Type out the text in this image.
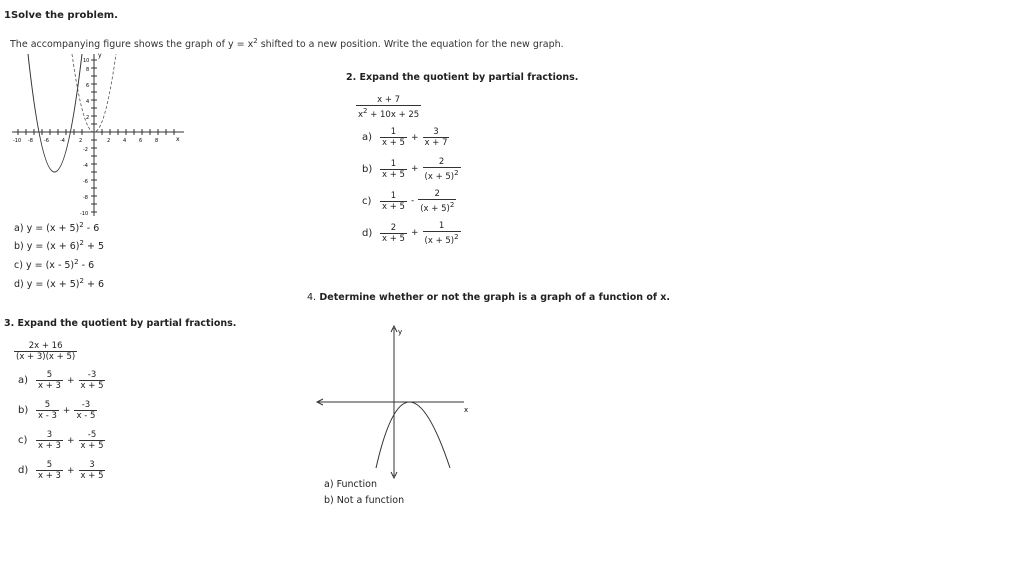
1Solve the problem.
The accompanying figure shows the graph of $y = x^2$ shifted to a new position. Write the equation for the new graph.
y
x
10
8
6
4
2
-2
-4
-6
-8
-10
-10 -8 -6 -4	2	2	4	6	8
a) $y = (x + 5)^2 - 6$
b) $y = (x + 6)^2 + 5$
c) y = (x - 5)$^2$ - 6
d) $y = (x + 5)^2 + 6$
2. Expand the quotient by partial fractions.
$\frac{x + 7}{x^2 + 10x + 25}$
$a) \frac{1}{x + 5} + \frac{3}{x + 7}$
$b) \frac{1}{x + 5} + \frac{2}{(x + 5)^2}$
c)	$\frac{1}{x + 5} - \frac{2}{(x + 5)^2}$
$d) \frac{2}{x + 5} + \frac{1}{(x + 5)^2}$
3. Expand the quotient by partial fractions.
$\frac{2x + 16}{(x + 3)(x + 5)}$
$a) \frac{5}{x + 3} + \frac{-3}{x + 5}$
$b) \frac{5}{x - 3} + \frac{-3}{x - 5}$
c)	$\frac{3}{x + 3} + \frac{-5}{x + 5}$
$d) \frac{5}{x + 3} + \frac{3}{x + 5}$
4. Determine whether or not the graph is a graph of a function of x.
y
x
a) Function
b) Not a function
